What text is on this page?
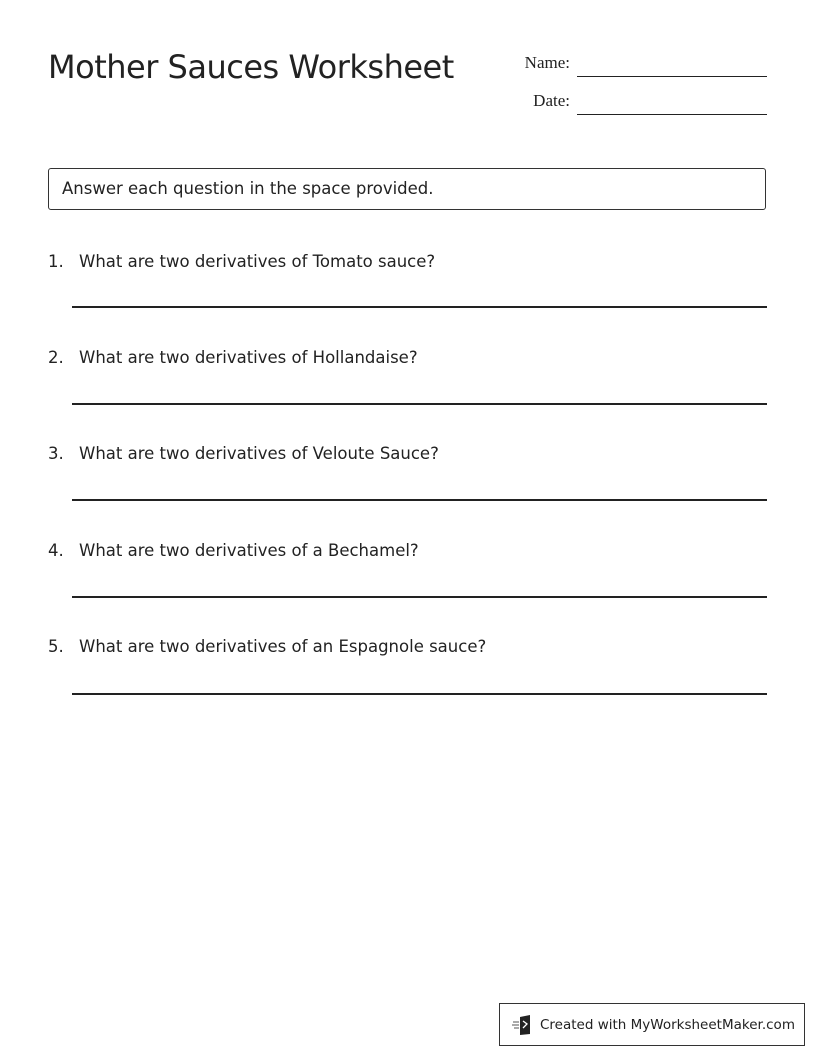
Mother Sauces Worksheet	Name:
Date:
Answer each question in the space provided.
1. What are two derivatives of Tomato sauce?
2. What are two derivatives of Hollandaise?
3. What are two derivatives of Veloute Sauce?
4. What are two derivatives of a Bechamel?
5. What are two derivatives of an Espagnole sauce?
Created with MyWorksheetMaker.com
